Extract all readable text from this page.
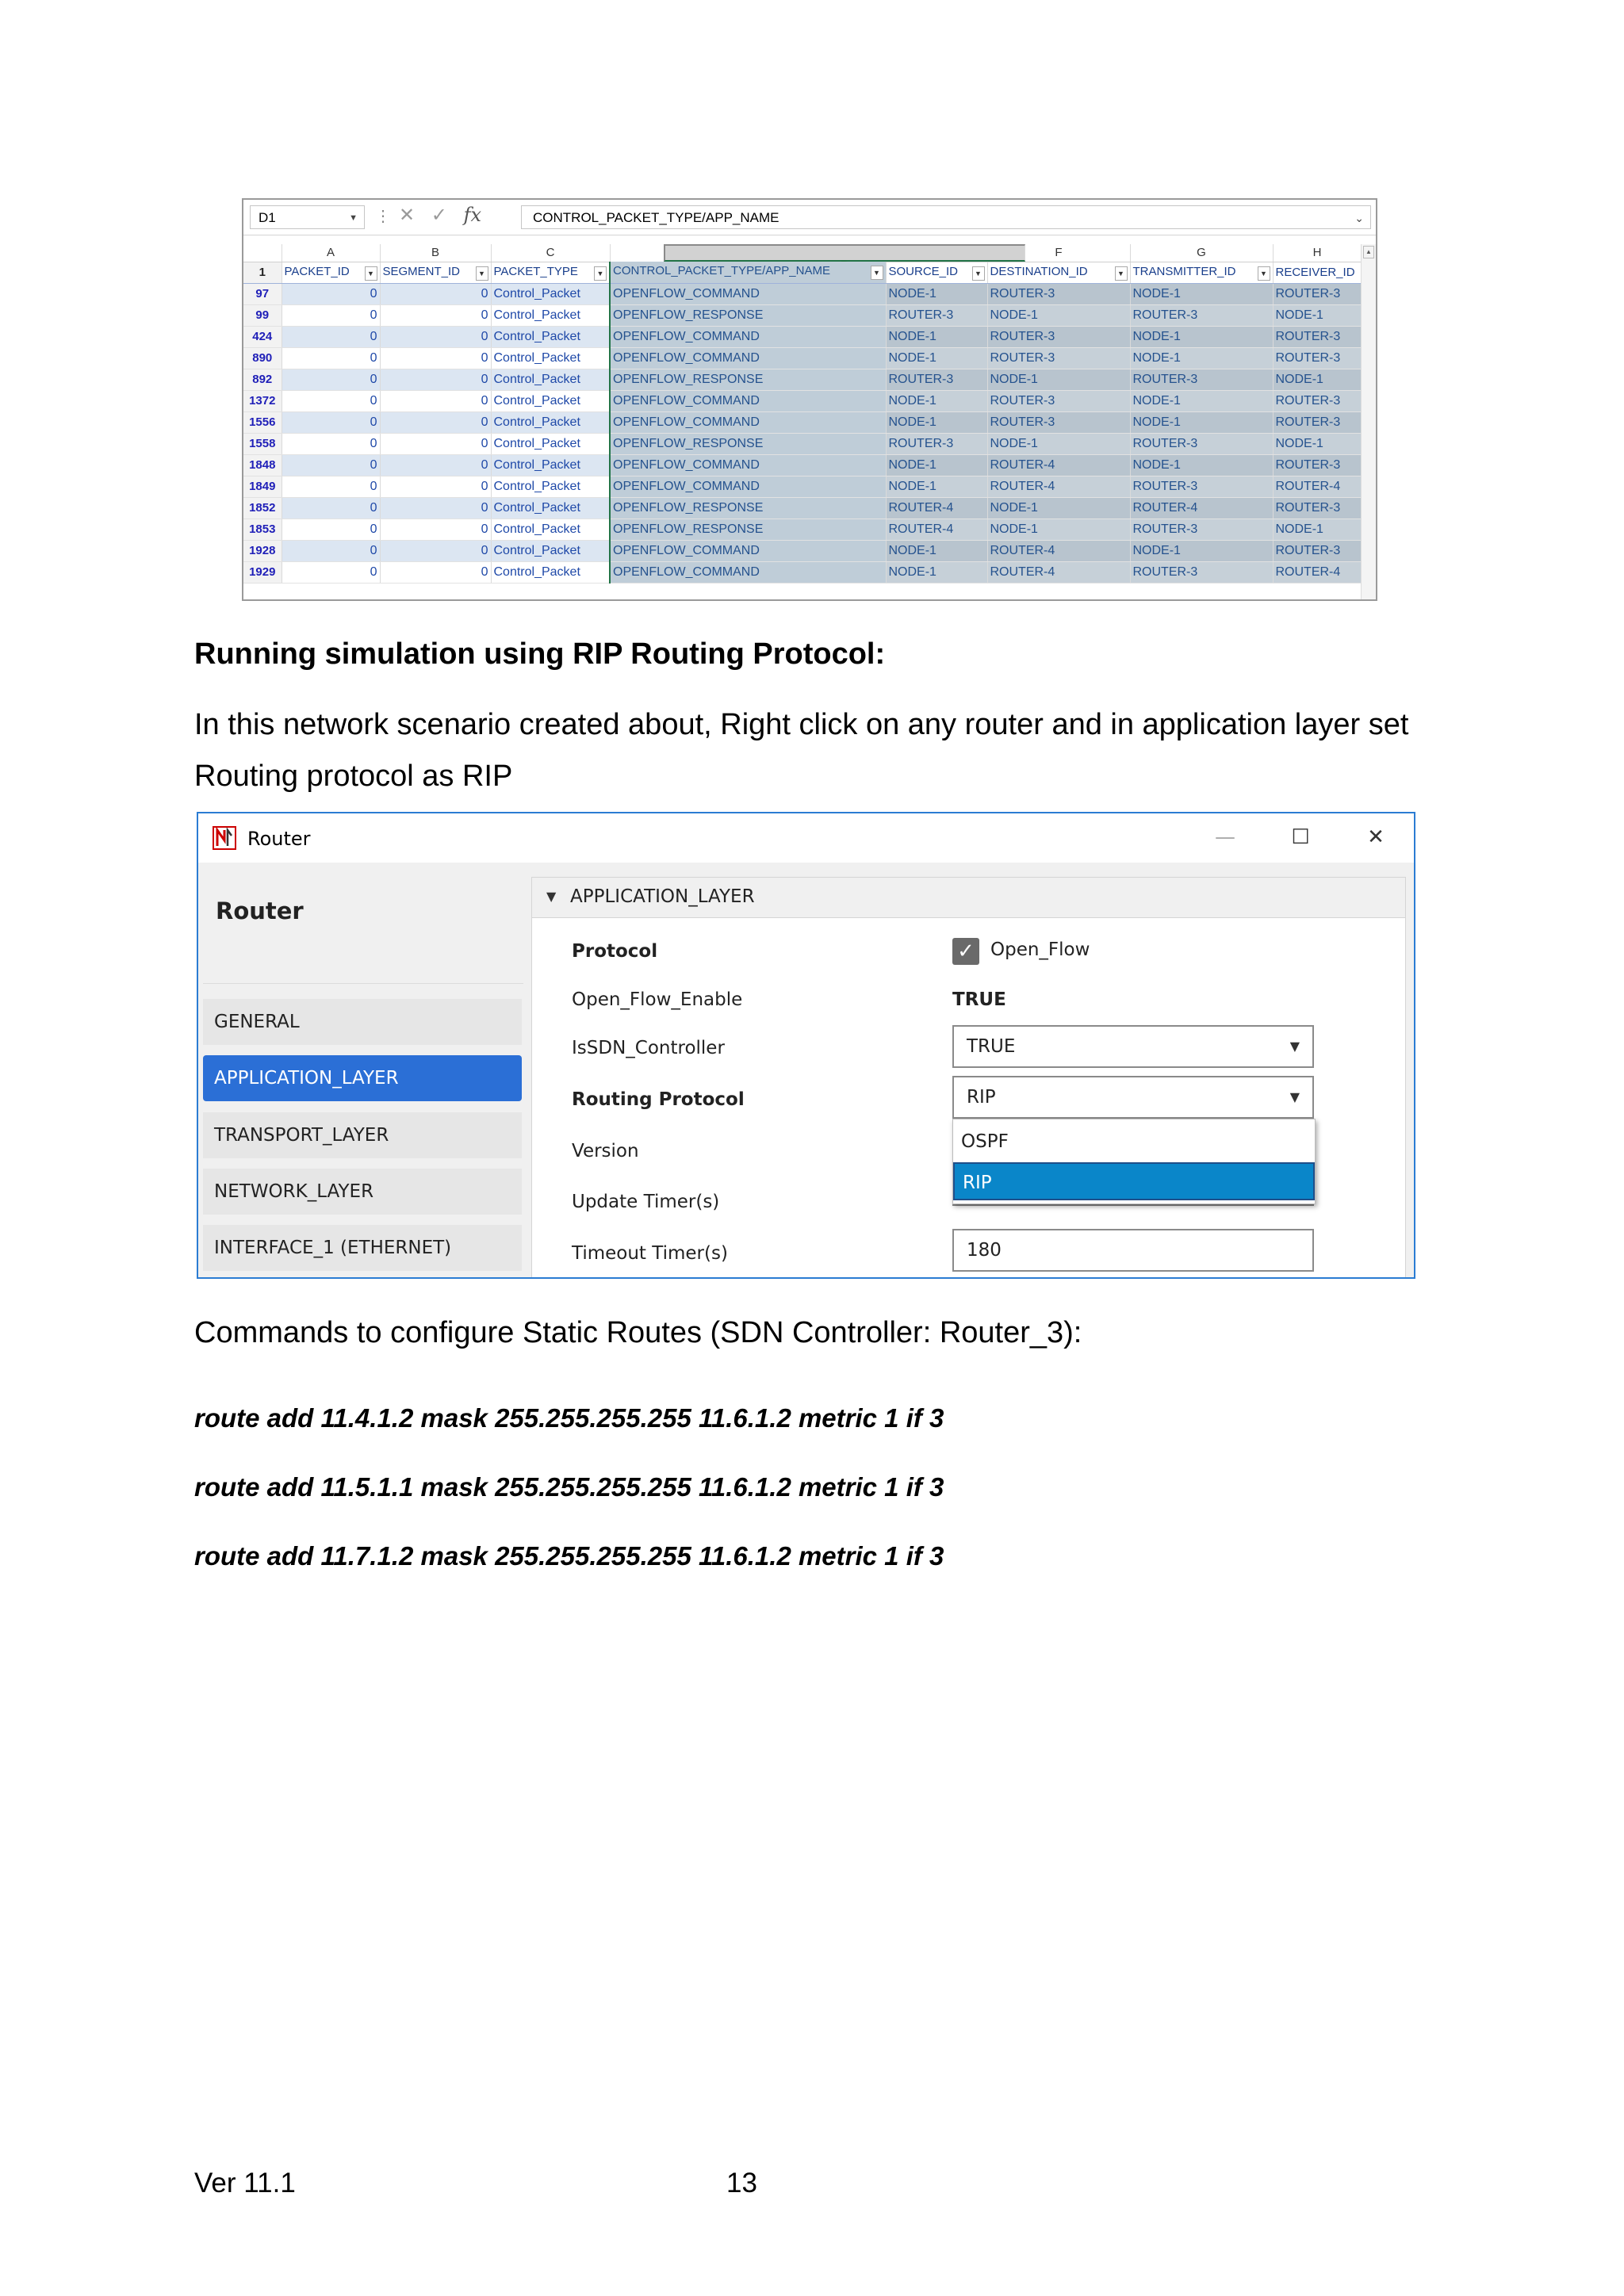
D1	▼ ⋮ ✕ ✓ fx	CONTROL_PACKET_TYPE/APP_NAME	⌄
	A	B	C		F	G	H
1	PACKET_ID ▼	SEGMENT_ID ▼	PACKET_TYPE ▼	CONTROL_PACKET_TYPE/APP_NAME ▼	SOURCE_ID ▼	DESTINATION_ID ▼	TRANSMITTER_ID ▼	RECEIVER_ID
97	0	0	Control_Packet	OPENFLOW_COMMAND	NODE-1	ROUTER-3	NODE-1	ROUTER-3
99	0	0	Control_Packet	OPENFLOW_RESPONSE	ROUTER-3	NODE-1	ROUTER-3	NODE-1
424	0	0	Control_Packet	OPENFLOW_COMMAND	NODE-1	ROUTER-3	NODE-1	ROUTER-3
890	0	0	Control_Packet	OPENFLOW_COMMAND	NODE-1	ROUTER-3	NODE-1	ROUTER-3
892	0	0	Control_Packet	OPENFLOW_RESPONSE	ROUTER-3	NODE-1	ROUTER-3	NODE-1
1372	0	0	Control_Packet	OPENFLOW_COMMAND	NODE-1	ROUTER-3	NODE-1	ROUTER-3
1556	0	0	Control_Packet	OPENFLOW_COMMAND	NODE-1	ROUTER-3	NODE-1	ROUTER-3
1558	0	0	Control_Packet	OPENFLOW_RESPONSE	ROUTER-3	NODE-1	ROUTER-3	NODE-1
1848	0	0	Control_Packet	OPENFLOW_COMMAND	NODE-1	ROUTER-4	NODE-1	ROUTER-3
1849	0	0	Control_Packet	OPENFLOW_COMMAND	NODE-1	ROUTER-4	ROUTER-3	ROUTER-4
1852	0	0	Control_Packet	OPENFLOW_RESPONSE	ROUTER-4	NODE-1	ROUTER-4	ROUTER-3
1853	0	0	Control_Packet	OPENFLOW_RESPONSE	ROUTER-4	NODE-1	ROUTER-3	NODE-1
1928	0	0	Control_Packet	OPENFLOW_COMMAND	NODE-1	ROUTER-4	NODE-1	ROUTER-3
1929	0	0	Control_Packet	OPENFLOW_COMMAND	NODE-1	ROUTER-4	ROUTER-3	ROUTER-4
▲
Running simulation using RIP Routing Protocol:
In this network scenario created about, Right click on any router and in application layer set Routing protocol as RIP
Router	—	☐	✕
Router
GENERAL
APPLICATION_LAYER
TRANSPORT_LAYER
NETWORK_LAYER
INTERFACE_1 (ETHERNET)
▼ APPLICATION_LAYER
Protocol	✓ Open_Flow
Open_Flow_Enable	TRUE
IsSDN_Controller	TRUE	▼
Routing Protocol	RIP	▼
Version
Update Timer(s)
Timeout Timer(s)	180
OSPF
RIP
Commands to configure Static Routes (SDN Controller: Router_3):
route add 11.4.1.2 mask 255.255.255.255 11.6.1.2 metric 1 if 3
route add 11.5.1.1 mask 255.255.255.255 11.6.1.2 metric 1 if 3
route add 11.7.1.2 mask 255.255.255.255 11.6.1.2 metric 1 if 3
Ver 11.1	13
